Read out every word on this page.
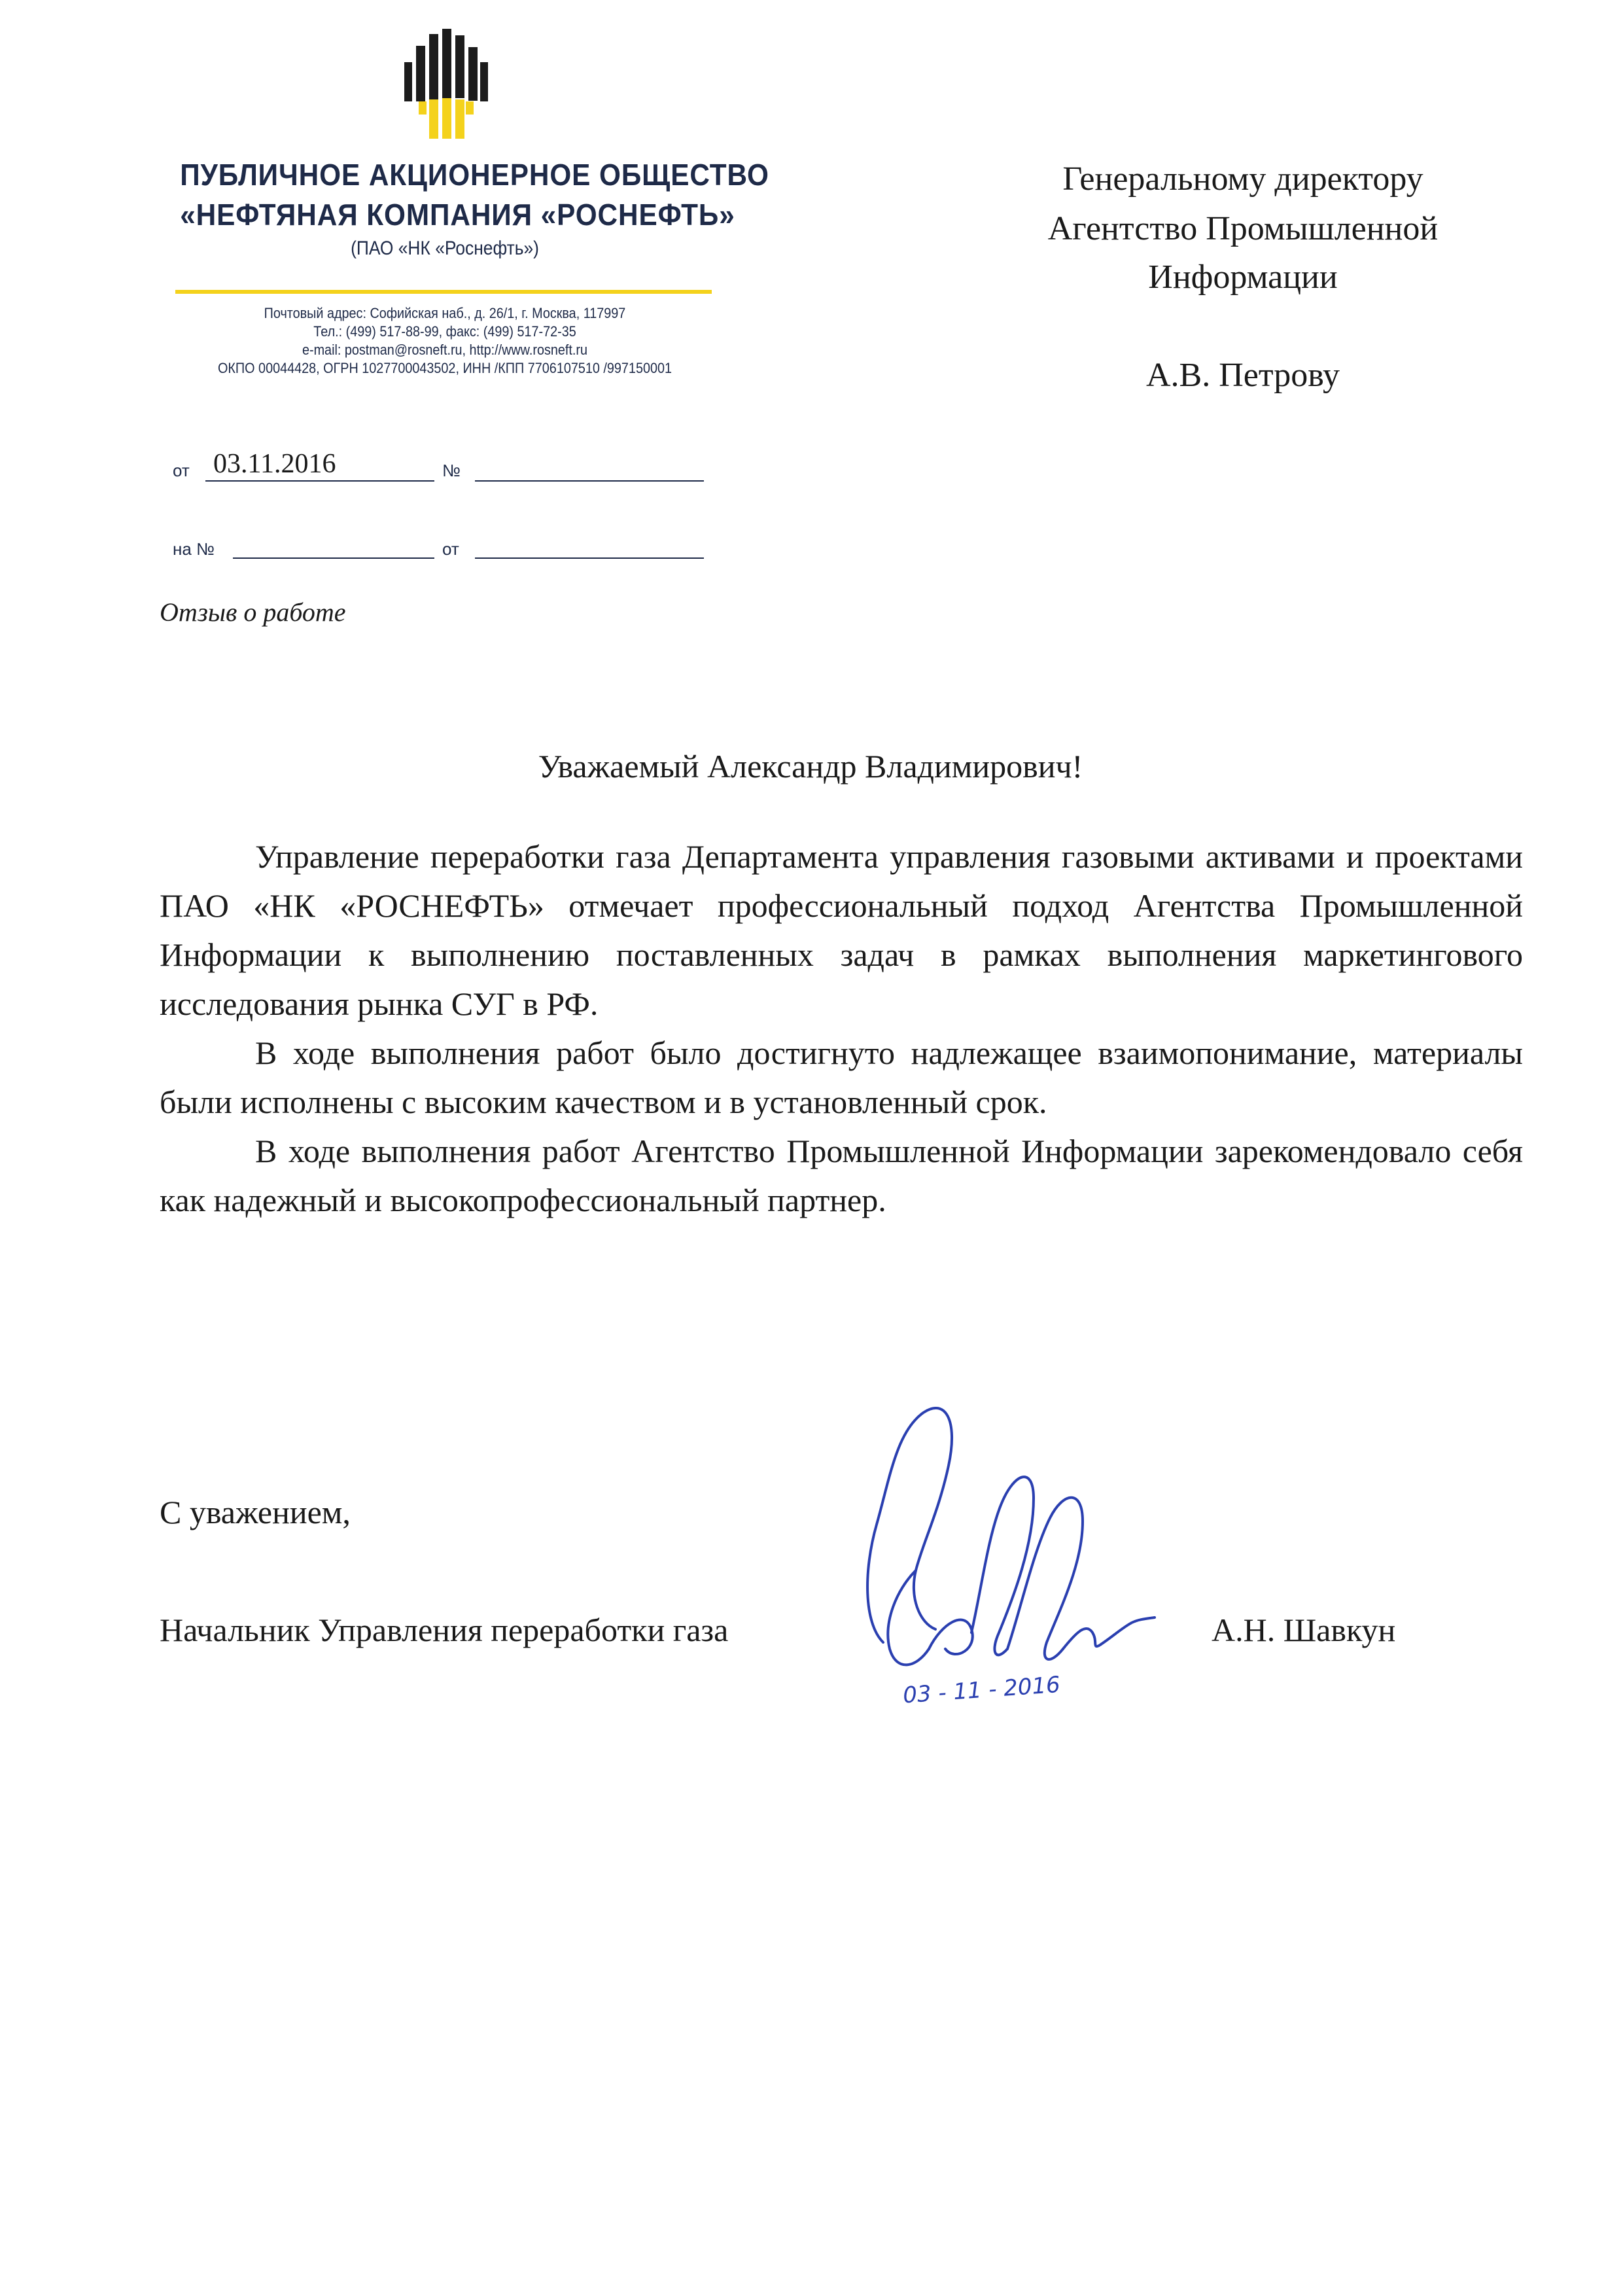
ПУБЛИЧНОЕ АКЦИОНЕРНОЕ ОБЩЕСТВО
«НЕФТЯНАЯ КОМПАНИЯ «РОСНЕФТЬ»
(ПАО «НК «Роснефть»)
Почтовый адрес: Софийская наб., д. 26/1, г. Москва, 117997
Тел.: (499) 517-88-99, факс: (499) 517-72-35
e-mail: postman@rosneft.ru, http://www.rosneft.ru
ОКПО 00044428, ОГРН 1027700043502, ИНН /КПП 7706107510 /997150001
от 03.11.2016	№
на №	от
Отзыв о работе
Генеральному директору
Агентство Промышленной
Информации
А.В. Петрову
Уважаемый Александр Владимирович!

Управление переработки газа Департамента управления газовыми активами и проектами ПАО «НК «РОСНЕФТЬ» отмечает профессиональный подход Агентства Промышленной Информации к выполнению поставленных задач в рамках выполнения маркетингового исследования рынка СУГ в РФ.

В ходе выполнения работ было достигнуто надлежащее взаимопонимание, материалы были исполнены с высоким качеством и в установленный срок.

В ходе выполнения работ Агентство Промышленной Информации зарекомендовало себя как надежный и высокопрофессиональный партнер.

С уважением,
Начальник Управления переработки газа	А.Н. Шавкун
03 - 11 - 2016
